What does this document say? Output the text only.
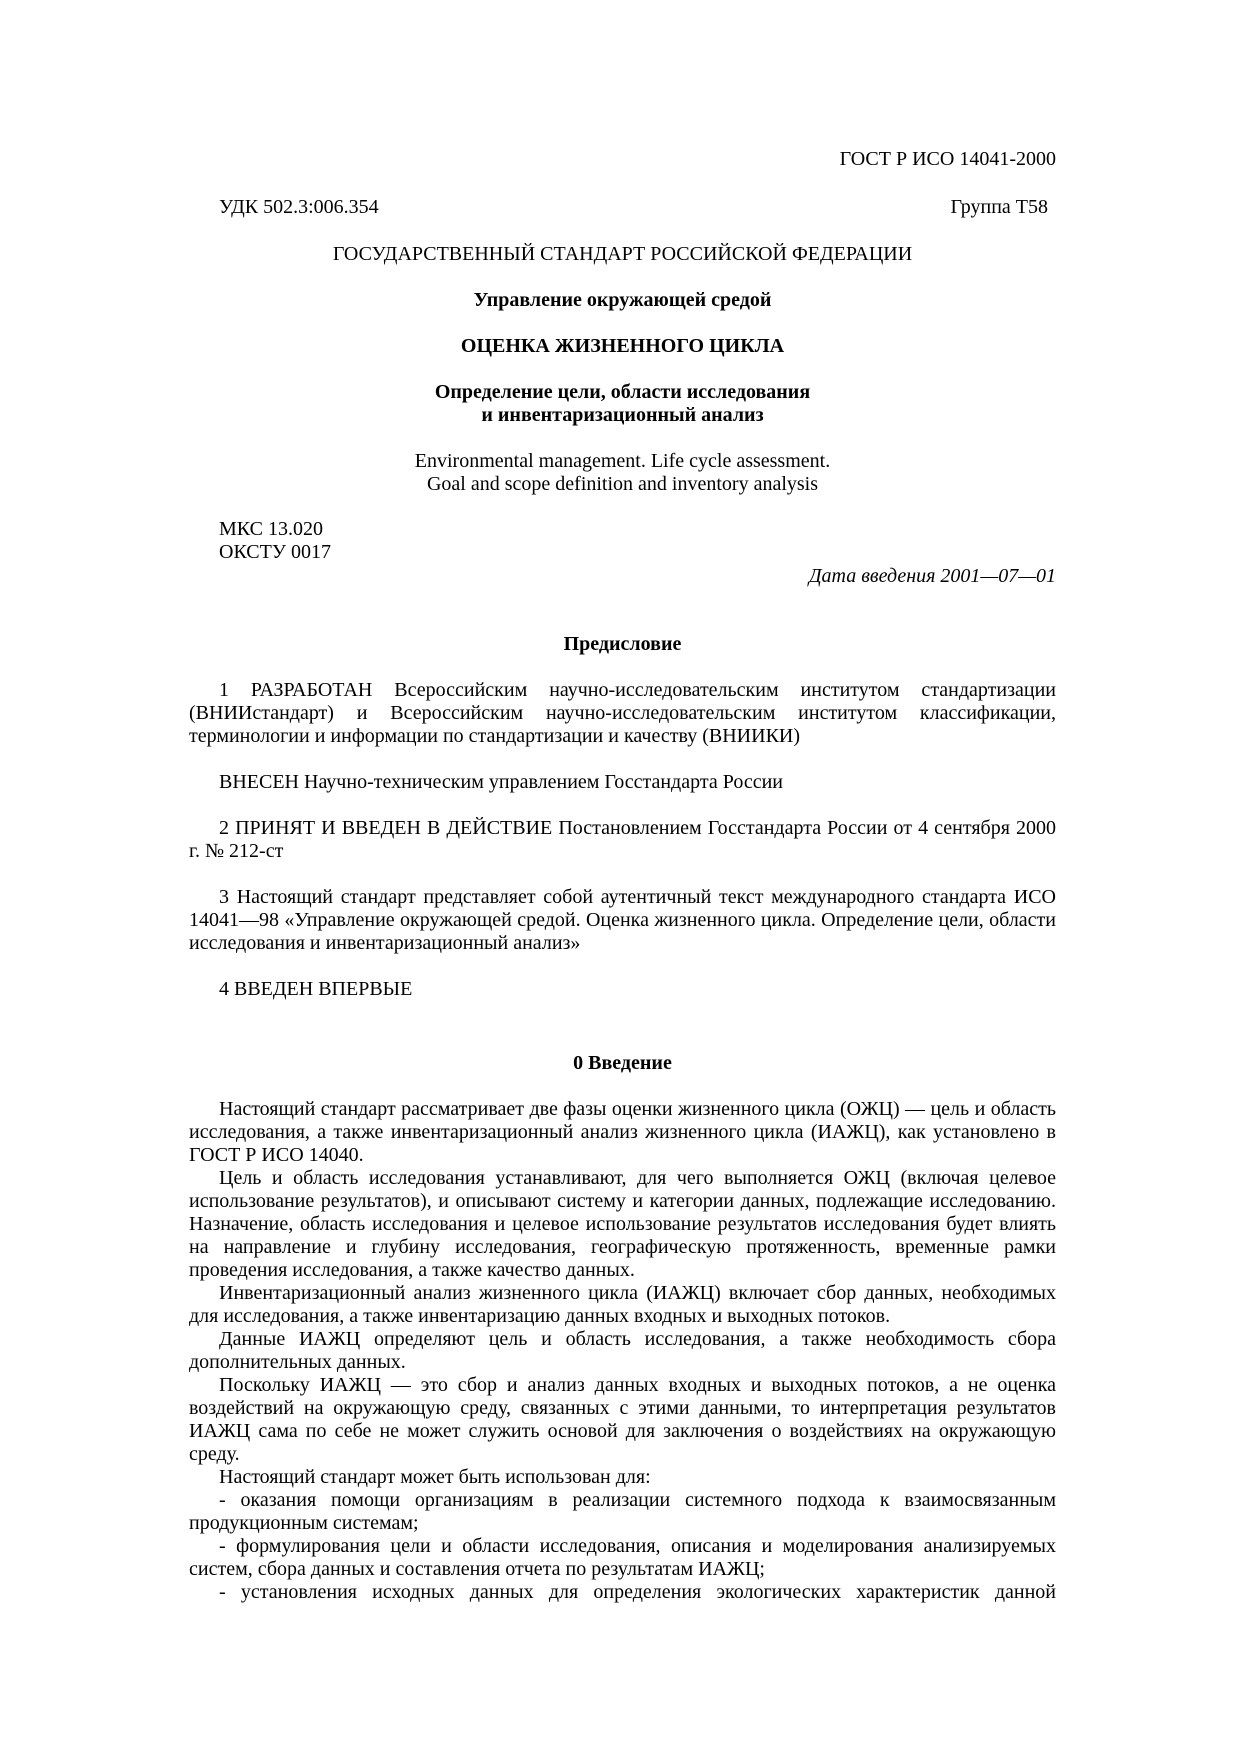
ГОСТ Р ИСО 14041-2000
УДК 502.3:006.354	Группа Т58
ГОСУДАРСТВЕННЫЙ СТАНДАРТ РОССИЙСКОЙ ФЕДЕРАЦИИ
Управление окружающей средой
ОЦЕНКА ЖИЗНЕННОГО ЦИКЛА
Определение цели, области исследования
и инвентаризационный анализ
Environmental management. Life cycle assessment.
Goal and scope definition and inventory analysis
МКС 13.020
ОКСТУ 0017
Дата введения 2001—07—01
Предисловие
1 РАЗРАБОТАН Всероссийским научно-исследовательским институтом стандартизации (ВНИИстандарт) и Всероссийским научно-исследовательским институтом классификации, терминологии и информации по стандартизации и качеству (ВНИИКИ)
ВНЕСЕН Научно-техническим управлением Госстандарта России
2 ПРИНЯТ И ВВЕДЕН В ДЕЙСТВИЕ Постановлением Госстандарта России от 4 сентября 2000 г. № 212-ст
3 Настоящий стандарт представляет собой аутентичный текст международного стандарта ИСО 14041—98 «Управление окружающей средой. Оценка жизненного цикла. Определение цели, области исследования и инвентаризационный анализ»
4 ВВЕДЕН ВПЕРВЫЕ
0 Введение

Настоящий стандарт рассматривает две фазы оценки жизненного цикла (ОЖЦ) — цель и область исследования, а также инвентаризационный анализ жизненного цикла (ИАЖЦ), как установлено в ГОСТ Р ИСО 14040.

Цель и область исследования устанавливают, для чего выполняется ОЖЦ (включая целевое использование результатов), и описывают систему и категории данных, подлежащие исследованию. Назначение, область исследования и целевое использование результатов исследования будет влиять на направление и глубину исследования, географическую протяженность, временные рамки проведения исследования, а также качество данных.

Инвентаризационный анализ жизненного цикла (ИАЖЦ) включает сбор данных, необходимых для исследования, а также инвентаризацию данных входных и выходных потоков.

Данные ИАЖЦ определяют цель и область исследования, а также необходимость сбора дополнительных данных.

Поскольку ИАЖЦ — это сбор и анализ данных входных и выходных потоков, а не оценка воздействий на окружающую среду, связанных с этими данными, то интерпретация результатов ИАЖЦ сама по себе не может служить основой для заключения о воздействиях на окружающую среду.

Настоящий стандарт может быть использован для:

- оказания помощи организациям в реализации системного подхода к взаимосвязанным продукционным системам;

- формулирования цели и области исследования, описания и моделирования анализируемых систем, сбора данных и составления отчета по результатам ИАЖЦ;

- установления исходных данных для определения экологических характеристик данной
